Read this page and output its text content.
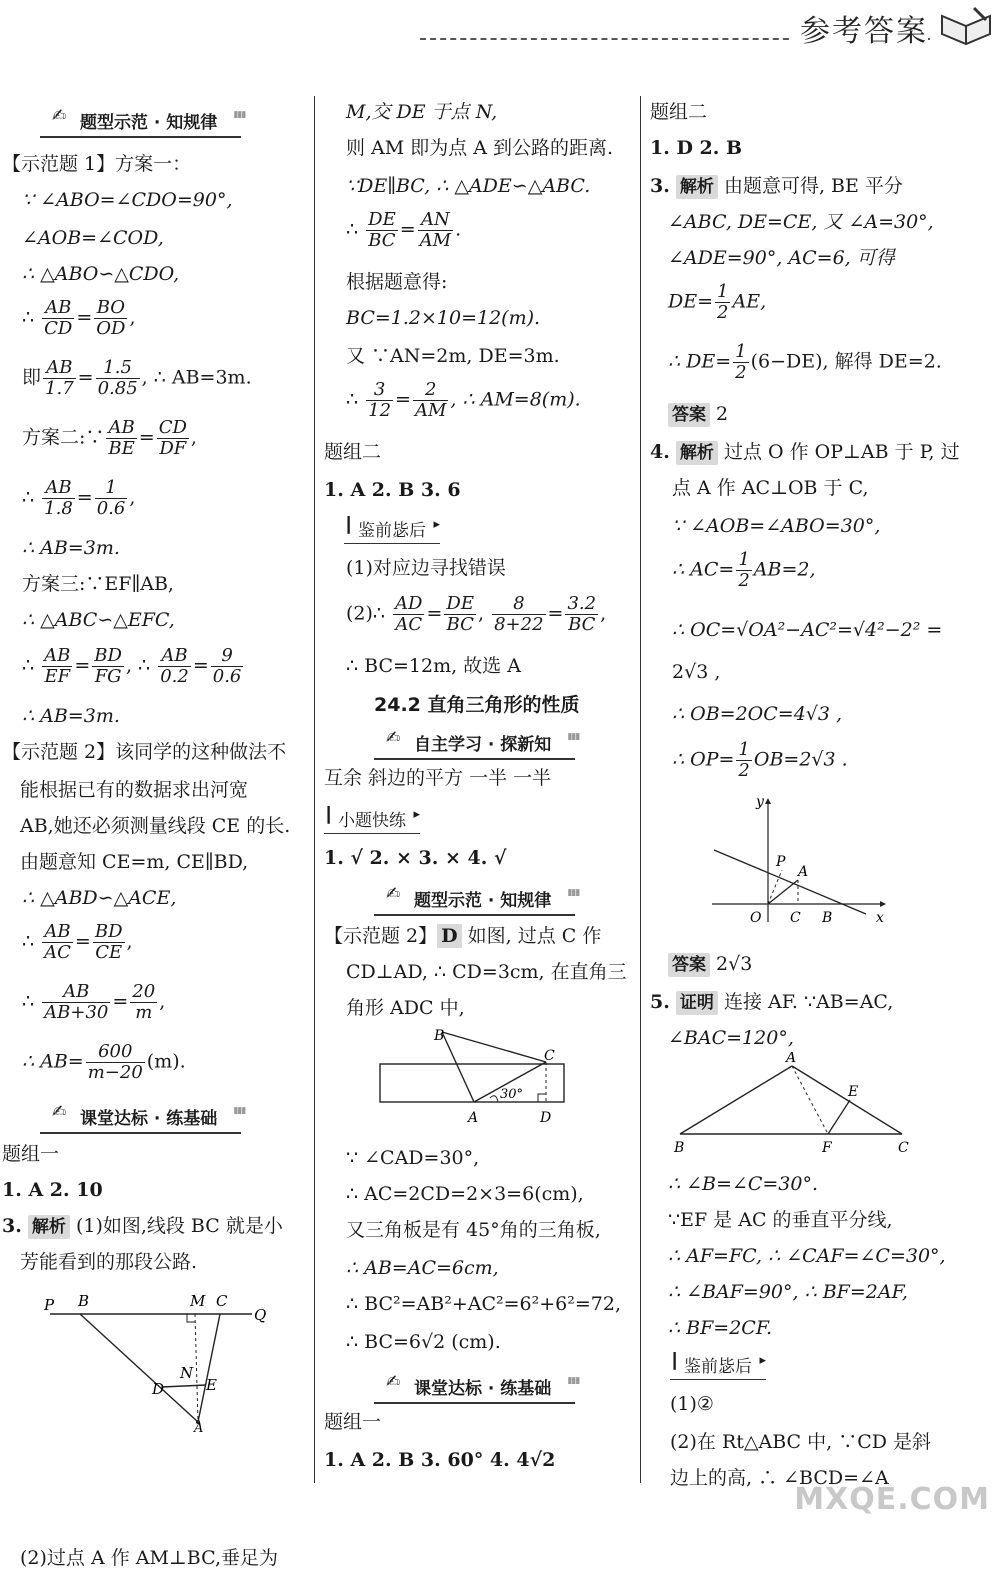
参考答案
✍ 题型示范 · 知规律 ▮▮▮
【示范题 1】方案一：
∵ ∠ABO=∠CDO=90°,
∠AOB=∠COD,
∴ △ABO∽△CDO,
∴ $\frac{AB}{CD} = \frac{BO}{OD}$ ,
即 $\frac{AB}{1.7} = \frac{1.5}{0.85}$ , ∴ AB=3m.
方案二:∵ $\frac{AB}{BE} = \frac{CD}{DF}$ ,
∴ $\frac{AB}{1.8} = \frac{1}{0.6}$ ,
∴ AB=3m.
方案三:∵EF∥AB,
∴ △ABC∽△EFC,
∴ $\frac{AB}{EF} = \frac{BD}{FG}$ , ∴ $\frac{AB}{0.2} = \frac{9}{0.6}$
∴ AB=3m.
【示范题 2】该同学的这种做法不
能根据已有的数据求出河宽
AB,她还必须测量线段 CE 的长.
由题意知 CE=m, CE∥BD,
∴ △ABD∽△ACE,
∴ $\frac{AB}{AC} = \frac{BD}{CE}$ ,
∴ $\frac{AB}{AB+30} = \frac{20}{m}$ ,
∴ $AB= \frac{600}{m-20} (m)$.
✍ 课堂达标 · 练基础 ▮▮▮
题组一
1. A 2. 10
3. 解析 (1)如图,线段 BC 就是小
芳能看到的那段公路.
P B	M C
Q
D
N
E
A
(2)过点 A 作 AM⊥BC,垂足为
M,交 DE 于点 N,
则 AM 即为点 A 到公路的距离.
∵DE∥BC, ∴ △ADE∽△ABC.
∴ $\frac{DE}{BC} = \frac{AN}{AM}$ .
根据题意得:
BC=1.2×10=12(m).
又 ∵AN=2m, DE=3m.
∴ $\frac{3}{12} = \frac{2}{AM}$ , ∴ AM=8(m).
题组二
1. A 2. B 3. 6
┃ 鉴前毖后 ▸
(1)对应边寻找错误
(2)∴ $\frac{AD}{AC} = \frac{DE}{BC}$ , $\frac{8}{8+22} = \frac{3.2}{BC}$ ,
∴ BC=12m, 故选 A
24.2 直角三角形的性质
✍ 自主学习 · 探新知 ▮▮▮
互余 斜边的平方 一半 一半
┃ 小题快练 ▸
1. √ 2. × 3. × 4. √
✍ 题型示范 · 知规律 ▮▮▮
【示范题 2】 D 如图, 过点 C 作
CD⊥AD, ∴ CD=3cm, 在直角三
角形 ADC 中,
B
C
A	D
30°
∵ ∠CAD=30°,
∴ AC=2CD=2×3=6(cm),
又三角板是有 45°角的三角板,
∴ AB=AC=6cm,
∴ BC²=AB²+AC²=6²+6²=72,
∴ BC=6√2 (cm).
✍ 课堂达标 · 练基础 ▮▮▮
题组一
1. A 2. B 3. 60° 4. 4√2
题组二
1. D 2. B
3. 解析 由题意可得, BE 平分
∠ABC, DE=CE, 又 ∠A=30°,
∠ADE=90°, AC=6, 可得
$DE= \frac{1}{2}$ AE,
∴ $DE= \frac{1}{2} (6-DE)$, 解得 DE=2.
答案 2
4. 解析 过点 O 作 OP⊥AB 于 P, 过
点 A 作 AC⊥OB 于 C,
∵ ∠AOB=∠ABO=30°,
∴ $AC= \frac{1}{2} AB=2$,
∴ OC=√OA²−AC²=√4²−2² =
2√3 ,
∴ OB=2OC=4√3 ,
∴ $OP= \frac{1}{2} OB=2√3$ .
y
x
O
P
A
C B
答案 2√3
5. 证明 连接 AF. ∵AB=AC,
∠BAC=120°,
A
E
B	F	C
∴ ∠B=∠C=30°.
∵EF 是 AC 的垂直平分线,
∴ AF=FC, ∴ ∠CAF=∠C=30°,
∴ ∠BAF=90°, ∴ BF=2AF,
∴ BF=2CF.
┃ 鉴前毖后 ▸
(1)②
(2)在 Rt△ABC 中, ∵CD 是斜
边上的高, ∴ ∠BCD=∠A
MXQE.COM
